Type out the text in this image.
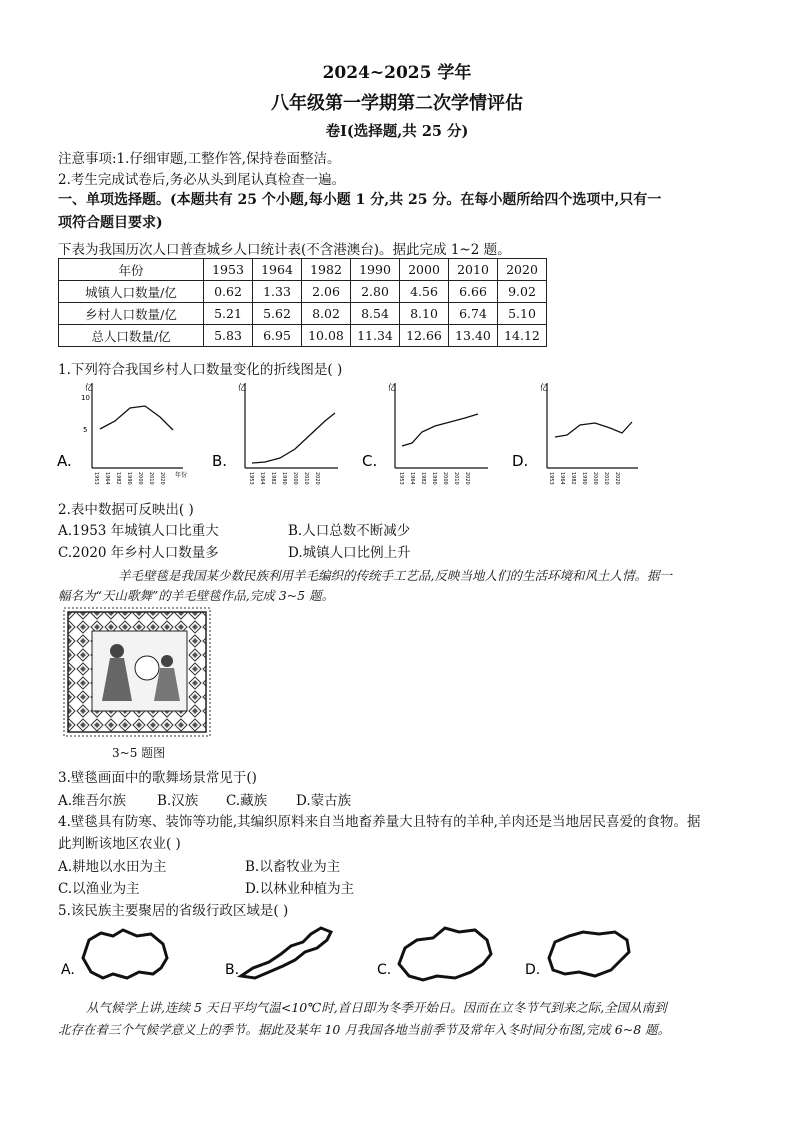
2024~2025 学年
八年级第一学期第二次学情评估
卷Ⅰ(选择题,共 25 分)
注意事项:1.仔细审题,工整作答,保持卷面整洁。
2.考生完成试卷后,务必从头到尾认真检查一遍。
一、单项选择题。(本题共有 25 个小题,每小题 1 分,共 25 分。在每小题所给四个选项中,只有一
项符合题目要求)
下表为我国历次人口普查城乡人口统计表(不含港澳台)。据此完成 1~2 题。
年份	1953	1964	1982	1990	2000	2010	2020
城镇人口数量/亿	0.62	1.33	2.06	2.80	4.56	6.66	9.02
乡村人口数量/亿	5.21	5.62	8.02	8.54	8.10	6.74	5.10
总人口数量/亿	5.83	6.95	10.08	11.34	12.66	13.40	14.12
1.下列符合我国乡村人口数量变化的折线图是( )
A.
亿
10
5
年份
B.
亿
C.
亿
D.
亿
1953 1964 1982 1990 2000 2010 2020	1953 1964 1982 1990 2000 2010 2020	1953 1964 1982 1990 2000 2010 2020	1953 1964 1982 1990 2000 2010 2020
2.表中数据可反映出( )
A.1953 年城镇人口比重大	B.人口总数不断减少
C.2020 年乡村人口数量多	D.城镇人口比例上升
羊毛壁毯是我国某少数民族利用羊毛编织的传统手工艺品,反映当地人们的生活环境和风土人情。据一
幅名为“天山歌舞”的羊毛壁毯作品,完成 3~5 题。
3~5 题图
3.壁毯画面中的歌舞场景常见于()
A.维吾尔族 B.汉族 C.藏族 D.蒙古族
4.壁毯具有防寒、装饰等功能,其编织原料来自当地畜养量大且特有的羊种,羊肉还是当地居民喜爱的食物。据
此判断该地区农业( )
A.耕地以水田为主	B.以畜牧业为主
C.以渔业为主	D.以林业种植为主
5.该民族主要聚居的省级行政区域是( )
A.	B.	C.	D.
从气候学上讲,连续 5 天日平均气温<10℃时,首日即为冬季开始日。因而在立冬节气到来之际,全国从南到
北存在着三个气候学意义上的季节。据此及某年 10 月我国各地当前季节及常年入冬时间分布图,完成 6~8 题。
